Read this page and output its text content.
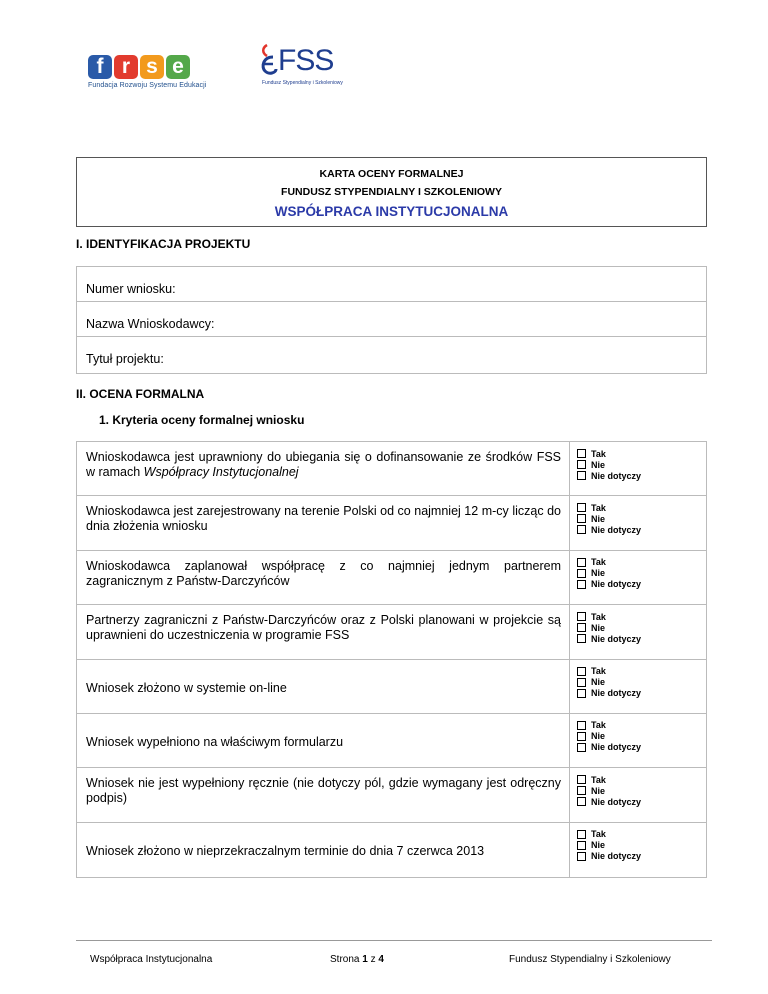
f r s e
Fundacja Rozwoju Systemu Edukacji
FSS
Fundusz Stypendialny i Szkoleniowy
KARTA OCENY FORMALNEJ
FUNDUSZ STYPENDIALNY I SZKOLENIOWY
WSPÓŁPRACA INSTYTUCJONALNA
I. IDENTYFIKACJA PROJEKTU
Numer wniosku:
Nazwa Wnioskodawcy:
Tytuł projektu:
II. OCENA FORMALNA
1. Kryteria oceny formalnej wniosku
Wnioskodawca jest uprawniony do ubiegania się o dofinansowanie ze środków FSS w ramach Współpracy Instytucjonalnej
Tak
Nie
Nie dotyczy
Wnioskodawca jest zarejestrowany na terenie Polski od co najmniej 12 m-cy licząc do dnia złożenia wniosku
Tak
Nie
Nie dotyczy
Wnioskodawca zaplanował współpracę z co najmniej jednym partnerem zagranicznym z Państw-Darczyńców
Tak
Nie
Nie dotyczy
Partnerzy zagraniczni z Państw-Darczyńców oraz z Polski planowani w projekcie są uprawnieni do uczestniczenia w programie FSS
Tak
Nie
Nie dotyczy
Wniosek złożono w systemie on-line
Tak
Nie
Nie dotyczy
Wniosek wypełniono na właściwym formularzu
Tak
Nie
Nie dotyczy
Wniosek nie jest wypełniony ręcznie (nie dotyczy pól, gdzie wymagany jest odręczny podpis)
Tak
Nie
Nie dotyczy
Wniosek złożono w nieprzekraczalnym terminie do dnia 7 czerwca 2013
Tak
Nie
Nie dotyczy
Współpraca Instytucjonalna	Strona 1 z 4	Fundusz Stypendialny i Szkoleniowy
